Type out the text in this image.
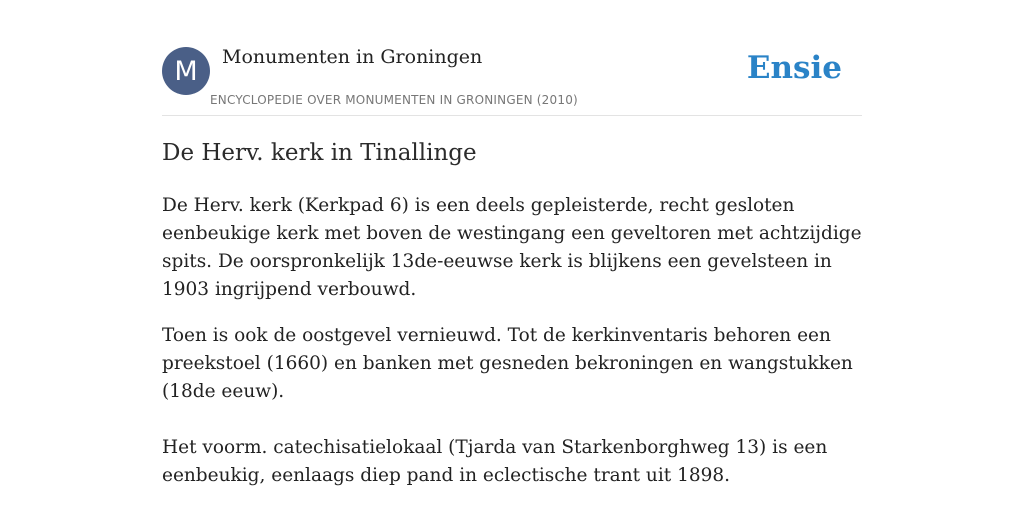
M Monumenten in Groningen
ENCYCLOPEDIE OVER MONUMENTEN IN GRONINGEN (2010)
Ensie
De Herv. kerk in Tinallinge

De Herv. kerk (Kerkpad 6) is een deels gepleisterde, recht gesloten eenbeukige kerk met boven de westingang een geveltoren met achtzijdige spits. De oorspronkelijk 13de-eeuwse kerk is blijkens een gevelsteen in 1903 ingrijpend verbouwd.

Toen is ook de oostgevel vernieuwd. Tot de kerkinventaris behoren een preekstoel (1660) en banken met gesneden bekroningen en wangstukken (18de eeuw).

Het voorm. catechisatielokaal (Tjarda van Starkenborghweg 13) is een eenbeukig, eenlaags diep pand in eclectische trant uit 1898.
